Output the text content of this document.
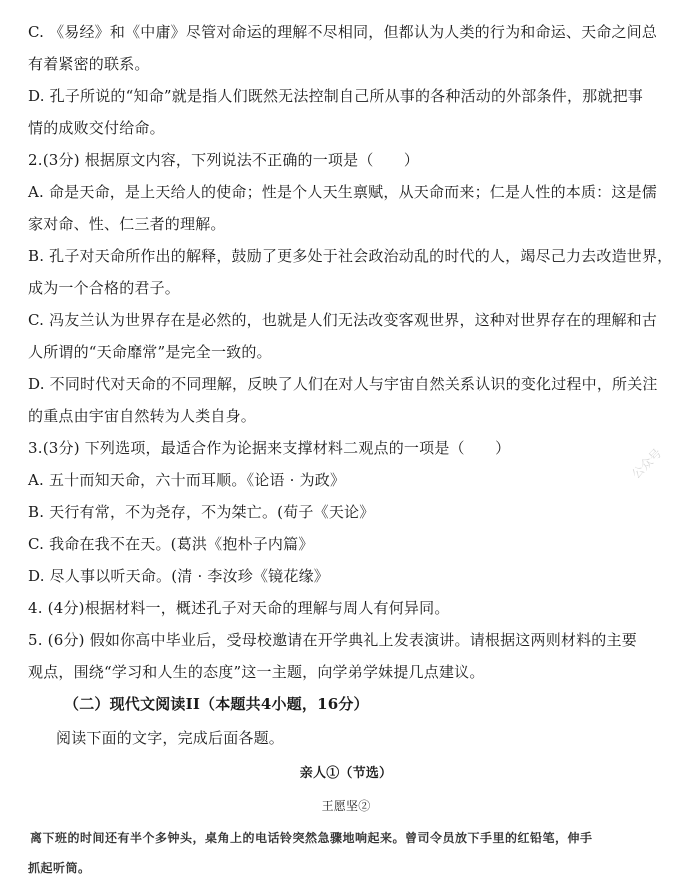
C. 《易经》和《中庸》尽管对命运的理解不尽相同，但都认为人类的行为和命运、天命之间总
有着紧密的联系。
D. 孔子所说的“知命”就是指人们既然无法控制自己所从事的各种活动的外部条件，那就把事
情的成败交付给命。
2.(3分) 根据原文内容，下列说法不正确的一项是（　　）
A. 命是天命，是上天给人的使命；性是个人天生禀赋，从天命而来；仁是人性的本质：这是儒
家对命、性、仁三者的理解。
B. 孔子对天命所作出的解释，鼓励了更多处于社会政治动乱的时代的人，竭尽己力去改造世界，
成为一个合格的君子。
C. 冯友兰认为世界存在是必然的，也就是人们无法改变客观世界，这种对世界存在的理解和古
人所谓的“天命靡常”是完全一致的。
D. 不同时代对天命的不同理解，反映了人们在对人与宇宙自然关系认识的变化过程中，所关注
的重点由宇宙自然转为人类自身。
3.(3分) 下列选项，最适合作为论据来支撑材料二观点的一项是（　　）
A. 五十而知天命，六十而耳顺。《论语 · 为政》
B. 天行有常，不为尧存，不为桀亡。(荀子《天论》
C. 我命在我不在天。(葛洪《抱朴子内篇》
D. 尽人事以听天命。(清 · 李汝珍《镜花缘》
4. (4分)根据材料一，概述孔子对天命的理解与周人有何异同。
5. (6分) 假如你高中毕业后，受母校邀请在开学典礼上发表演讲。请根据这两则材料的主要
观点，围绕“学习和人生的态度”这一主题，向学弟学妹提几点建议。
（二）现代文阅读II（本题共4小题，16分）
阅读下面的文字，完成后面各题。
亲人①（节选）
王愿坚②
离下班的时间还有半个多钟头，桌角上的电话铃突然急骤地响起来。曾司令员放下手里的红铅笔，伸手
抓起听筒。
公众号
